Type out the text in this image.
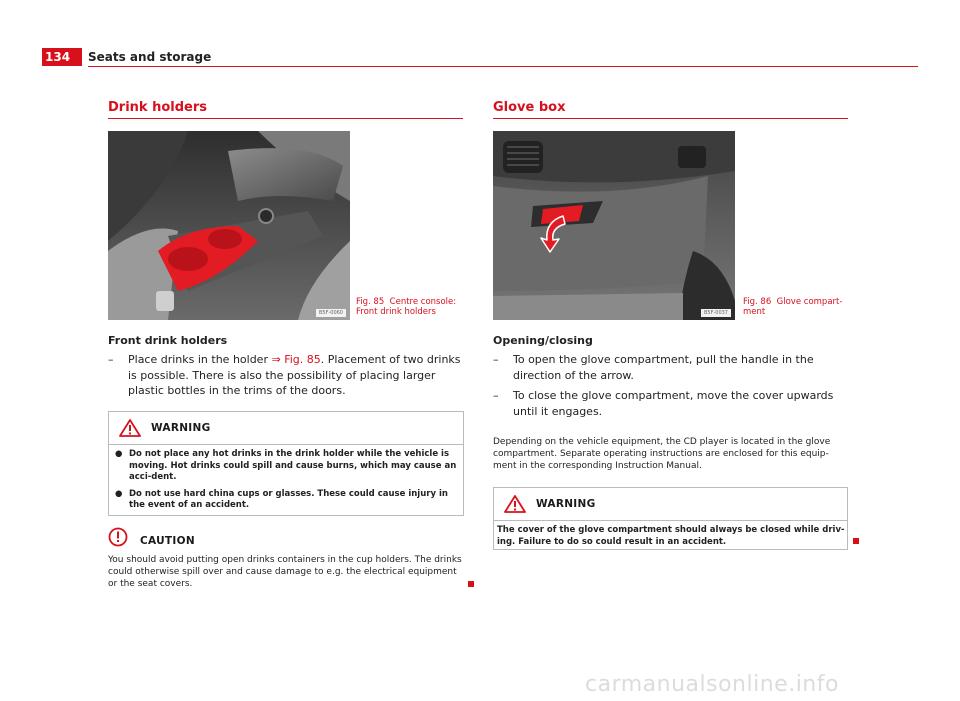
134	Seats and storage
Drink holders
B5F-0060
Fig. 85 Centre console: Front drink holders
Front drink holders
–	Place drinks in the holder ⇒ Fig. 85. Placement of two drinks is possible. There is also the possibility of placing larger plastic bottles in the trims of the doors.
WARNING
● Do not place any hot drinks in the drink holder while the vehicle is moving. Hot drinks could spill and cause burns, which may cause an acci-dent.
● Do not use hard china cups or glasses. These could cause injury in the event of an accident.
CAUTION
You should avoid putting open drinks containers in the cup holders. The drinks could otherwise spill over and cause damage to e.g. the electrical equipment or the seat covers.
Glove box
B5F-0037
Fig. 86 Glove compart-ment
Opening/closing
–	To open the glove compartment, pull the handle in the direction of the arrow.
–	To close the glove compartment, move the cover upwards until it engages.
Depending on the vehicle equipment, the CD player is located in the glove compartment. Separate operating instructions are enclosed for this equip-ment in the corresponding Instruction Manual.
WARNING
The cover of the glove compartment should always be closed while driv-ing. Failure to do so could result in an accident.
carmanualsonline.info
